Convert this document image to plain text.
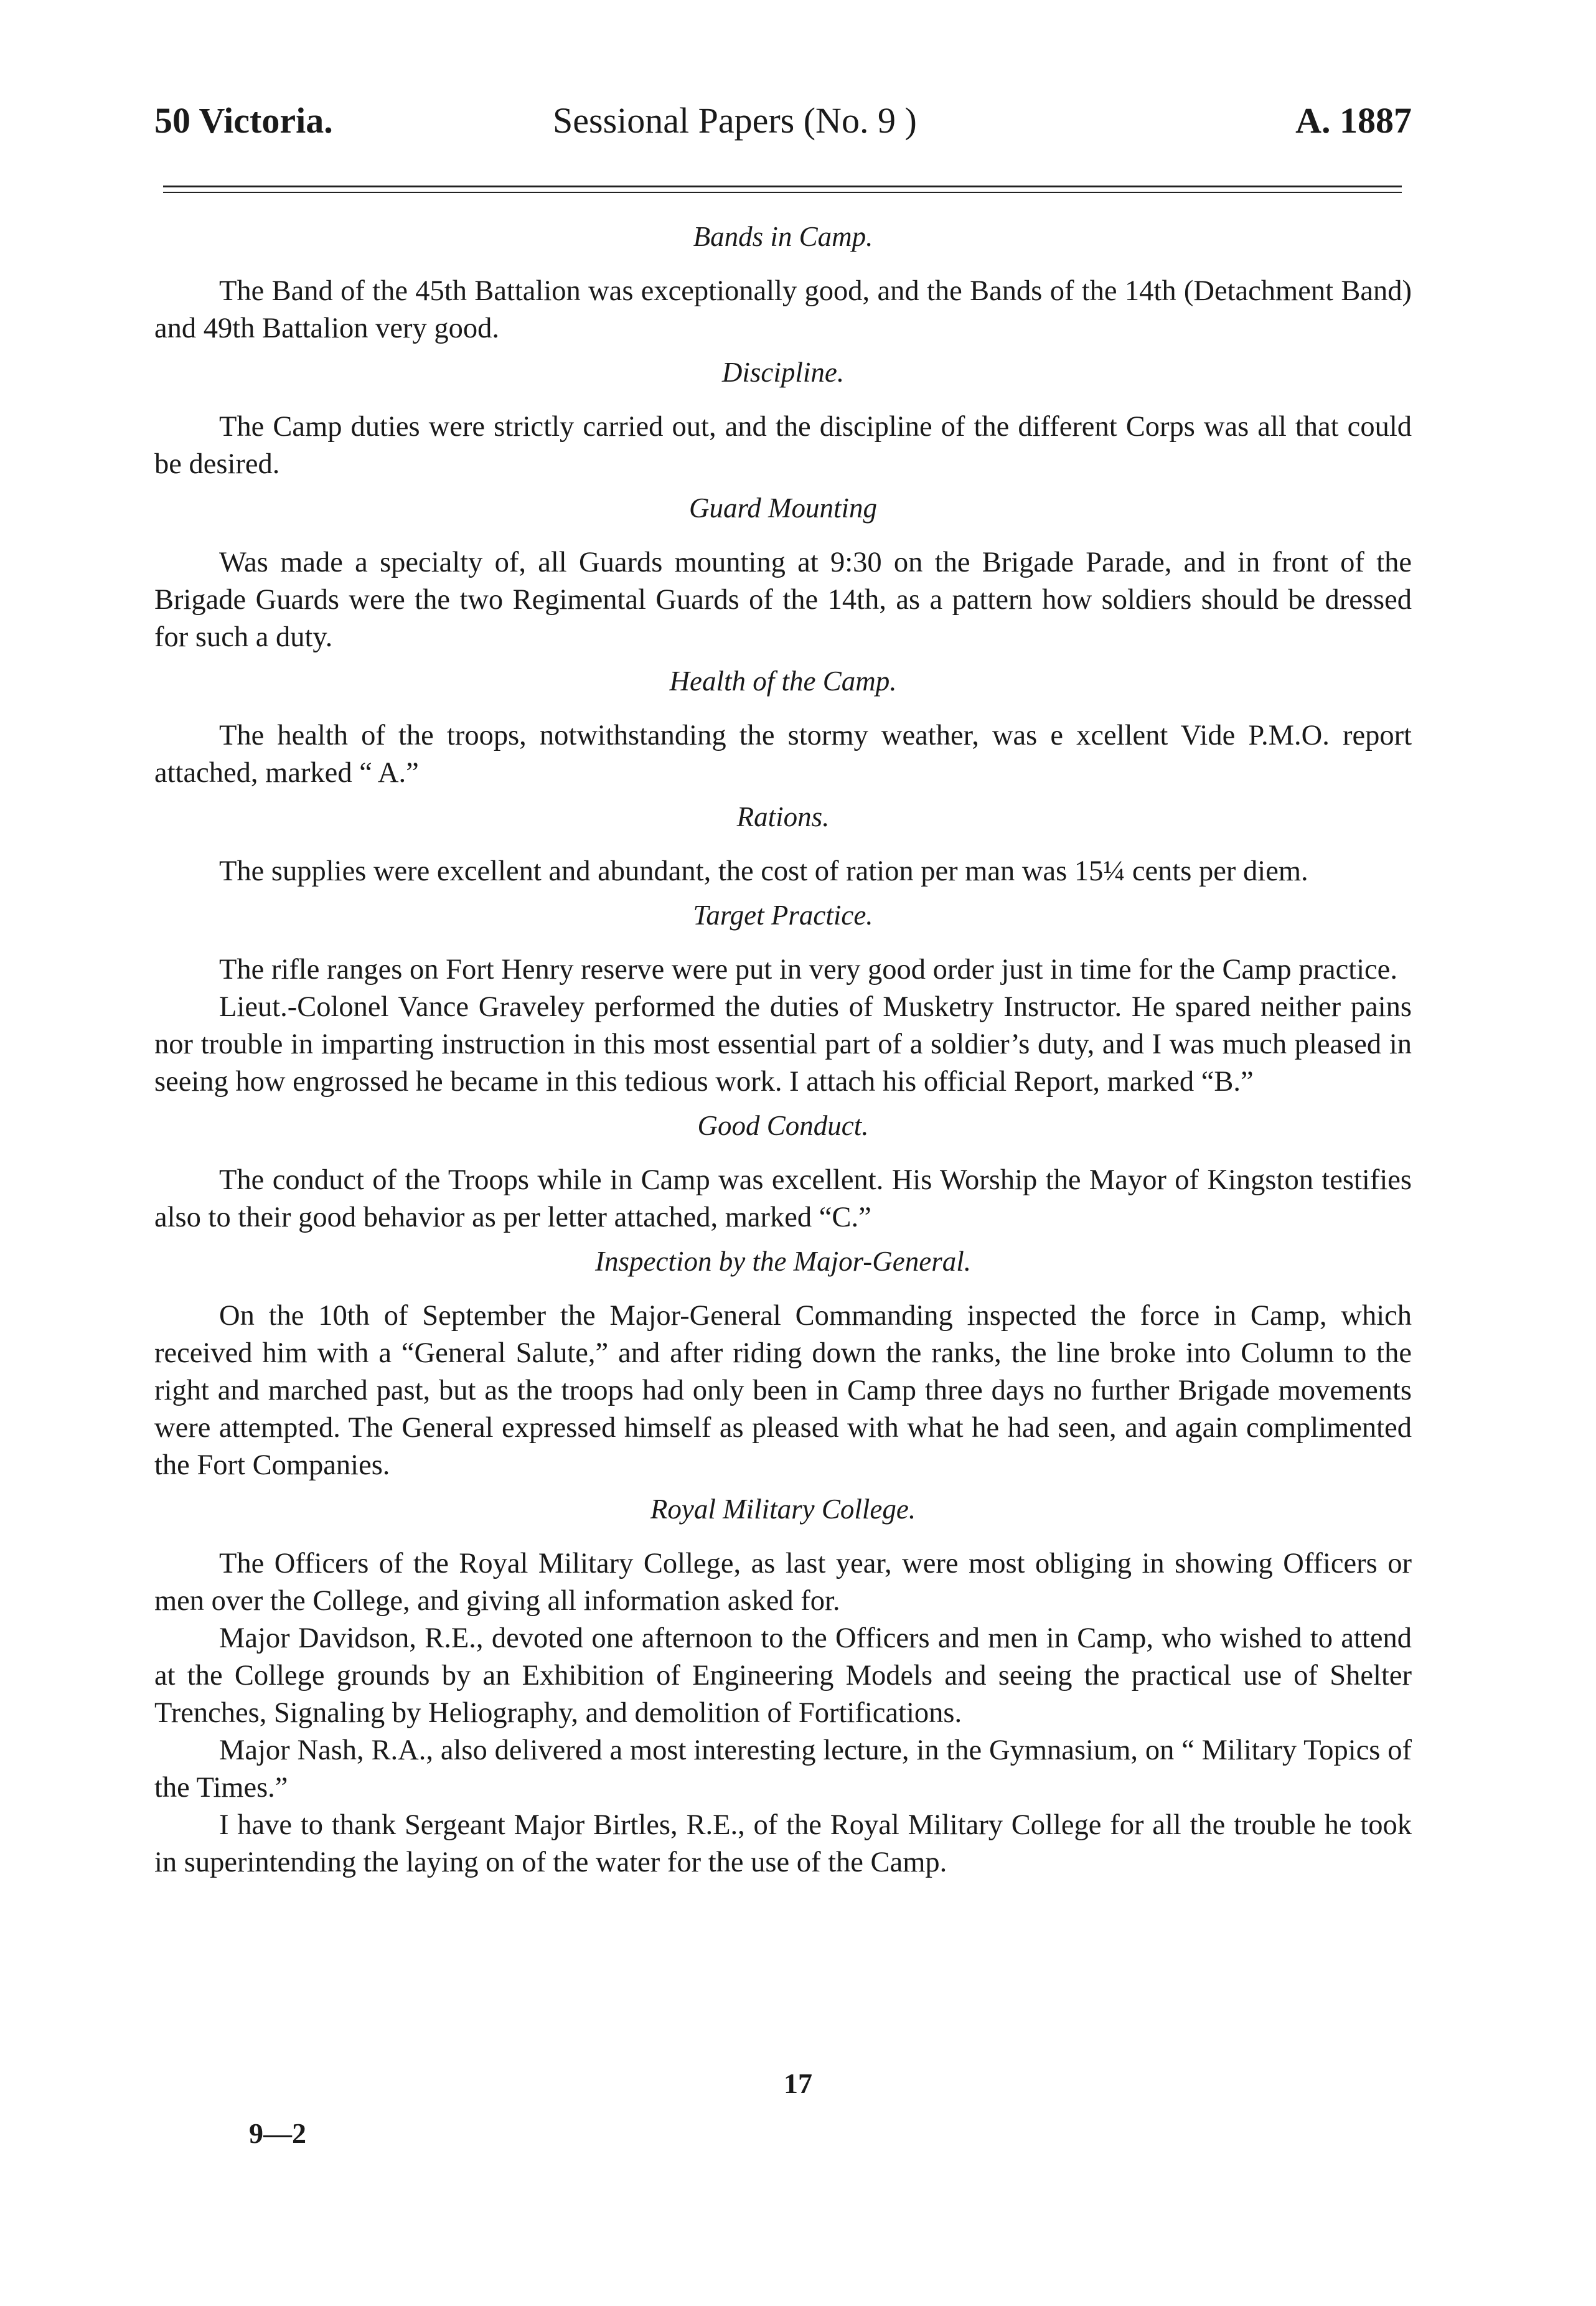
50 Victoria.	Sessional Papers (No. 9 )	A. 1887
Bands in Camp.

The Band of the 45th Battalion was exceptionally good, and the Bands of the 14th (Detachment Band) and 49th Battalion very good.

Discipline.

The Camp duties were strictly carried out, and the discipline of the different Corps was all that could be desired.

Guard Mounting

Was made a specialty of, all Guards mounting at 9:30 on the Brigade Parade, and in front of the Brigade Guards were the two Regimental Guards of the 14th, as a pattern how soldiers should be dressed for such a duty.

Health of the Camp.

The health of the troops, notwithstanding the stormy weather, was e xcellent Vide P.M.O. report attached, marked “ A.”

Rations.

The supplies were excellent and abundant, the cost of ration per man was 15¼ cents per diem.

Target Practice.

The rifle ranges on Fort Henry reserve were put in very good order just in time for the Camp practice.

Lieut.-Colonel Vance Graveley performed the duties of Musketry Instructor. He spared neither pains nor trouble in imparting instruction in this most essential part of a soldier’s duty, and I was much pleased in seeing how engrossed he became in this tedious work. I attach his official Report, marked “B.”

Good Conduct.

The conduct of the Troops while in Camp was excellent. His Worship the Mayor of Kingston testifies also to their good behavior as per letter attached, marked “C.”

Inspection by the Major-General.

On the 10th of September the Major-General Commanding inspected the force in Camp, which received him with a “General Salute,” and after riding down the ranks, the line broke into Column to the right and marched past, but as the troops had only been in Camp three days no further Brigade movements were attempted. The General expressed himself as pleased with what he had seen, and again complimented the Fort Companies.

Royal Military College.

The Officers of the Royal Military College, as last year, were most obliging in showing Officers or men over the College, and giving all information asked for.

Major Davidson, R.E., devoted one afternoon to the Officers and men in Camp, who wished to attend at the College grounds by an Exhibition of Engineering Models and seeing the practical use of Shelter Trenches, Signaling by Heliography, and demolition of Fortifications.

Major Nash, R.A., also delivered a most interesting lecture, in the Gymnasium, on “ Military Topics of the Times.”

I have to thank Sergeant Major Birtles, R.E., of the Royal Military College for all the trouble he took in superintending the laying on of the water for the use of the Camp.

17
9—2
